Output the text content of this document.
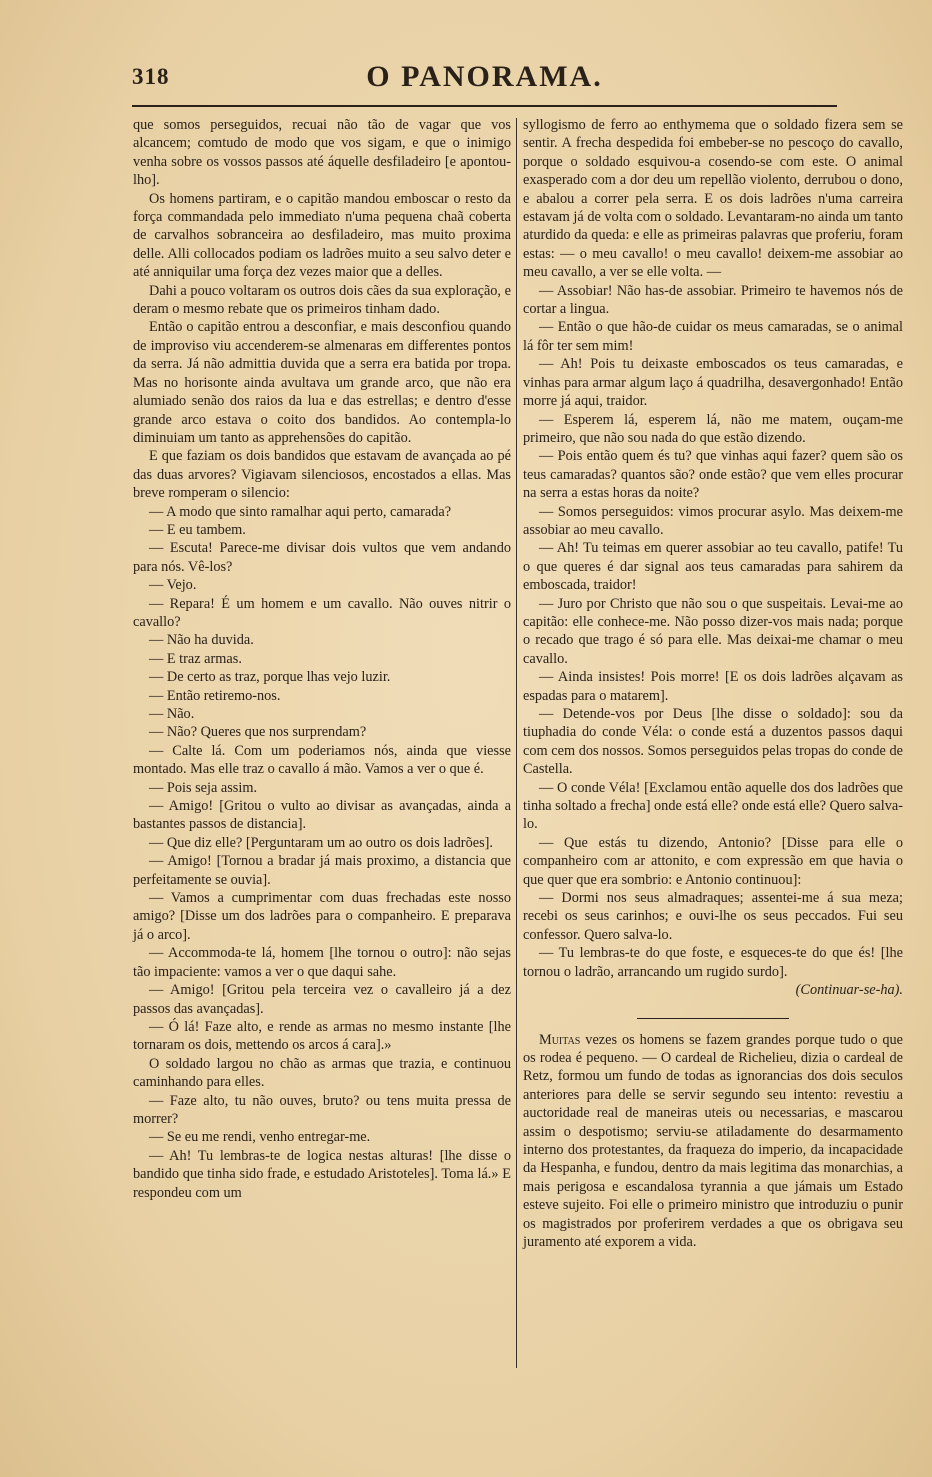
318	O PANORAMA.

que somos perseguidos, recuai não tão de vagar que vos alcancem; comtudo de modo que vos sigam, e que o inimigo venha sobre os vossos passos até áquelle desfiladeiro [e apontou-lho].

Os homens partiram, e o capitão mandou emboscar o resto da força commandada pelo immediato n'uma pequena chaã coberta de carvalhos sobranceira ao desfiladeiro, mas muito proxima delle. Alli collocados podiam os ladrões muito a seu salvo deter e até anniquilar uma força dez vezes maior que a delles.

Dahi a pouco voltaram os outros dois cães da sua exploração, e deram o mesmo rebate que os primeiros tinham dado.

Então o capitão entrou a desconfiar, e mais desconfiou quando de improviso viu accenderem-se almenaras em differentes pontos da serra. Já não admittia duvida que a serra era batida por tropa. Mas no horisonte ainda avultava um grande arco, que não era alumiado senão dos raios da lua e das estrellas; e dentro d'esse grande arco estava o coito dos bandidos. Ao contempla-lo diminuiam um tanto as apprehensões do capitão.

E que faziam os dois bandidos que estavam de avançada ao pé das duas arvores? Vigiavam silenciosos, encostados a ellas. Mas breve romperam o silencio:

— A modo que sinto ramalhar aqui perto, camarada?

— E eu tambem.

— Escuta! Parece-me divisar dois vultos que vem andando para nós. Vê-los?

— Vejo.

— Repara! É um homem e um cavallo. Não ouves nitrir o cavallo?

— Não ha duvida.

— E traz armas.

— De certo as traz, porque lhas vejo luzir.

— Então retiremo-nos.

— Não.

— Não? Queres que nos surprendam?

— Calte lá. Com um poderiamos nós, ainda que viesse montado. Mas elle traz o cavallo á mão. Vamos a ver o que é.

— Pois seja assim.

— Amigo! [Gritou o vulto ao divisar as avançadas, ainda a bastantes passos de distancia].

— Que diz elle? [Perguntaram um ao outro os dois ladrões].

— Amigo! [Tornou a bradar já mais proximo, a distancia que perfeitamente se ouvia].

— Vamos a cumprimentar com duas frechadas este nosso amigo? [Disse um dos ladrões para o companheiro. E preparava já o arco].

— Accommoda-te lá, homem [lhe tornou o outro]: não sejas tão impaciente: vamos a ver o que daqui sahe.

— Amigo! [Gritou pela terceira vez o cavalleiro já a dez passos das avançadas].

— Ó lá! Faze alto, e rende as armas no mesmo instante [lhe tornaram os dois, mettendo os arcos á cara].»

O soldado largou no chão as armas que trazia, e continuou caminhando para elles.

— Faze alto, tu não ouves, bruto? ou tens muita pressa de morrer?

— Se eu me rendi, venho entregar-me.

— Ah! Tu lembras-te de logica nestas alturas! [lhe disse o bandido que tinha sido frade, e estudado Aristoteles]. Toma lá.» E respondeu com um

syllogismo de ferro ao enthymema que o soldado fizera sem se sentir. A frecha despedida foi embeber-se no pescoço do cavallo, porque o soldado esquivou-a cosendo-se com este. O animal exasperado com a dor deu um repellão violento, derrubou o dono, e abalou a correr pela serra. E os dois ladrões n'uma carreira estavam já de volta com o soldado. Levantaram-no ainda um tanto aturdido da queda: e elle as primeiras palavras que proferiu, foram estas: — o meu cavallo! o meu cavallo! deixem-me assobiar ao meu cavallo, a ver se elle volta. —

— Assobiar! Não has-de assobiar. Primeiro te havemos nós de cortar a lingua.

— Então o que hão-de cuidar os meus camaradas, se o animal lá fôr ter sem mim!

— Ah! Pois tu deixaste emboscados os teus camaradas, e vinhas para armar algum laço á quadrilha, desavergonhado! Então morre já aqui, traidor.

— Esperem lá, esperem lá, não me matem, ouçam-me primeiro, que não sou nada do que estão dizendo.

— Pois então quem és tu? que vinhas aqui fazer? quem são os teus camaradas? quantos são? onde estão? que vem elles procurar na serra a estas horas da noite?

— Somos perseguidos: vimos procurar asylo. Mas deixem-me assobiar ao meu cavallo.

— Ah! Tu teimas em querer assobiar ao teu cavallo, patife! Tu o que queres é dar signal aos teus camaradas para sahirem da emboscada, traidor!

— Juro por Christo que não sou o que suspeitais. Levai-me ao capitão: elle conhece-me. Não posso dizer-vos mais nada; porque o recado que trago é só para elle. Mas deixai-me chamar o meu cavallo.

— Ainda insistes! Pois morre! [E os dois ladrões alçavam as espadas para o matarem].

— Detende-vos por Deus [lhe disse o soldado]: sou da tiuphadia do conde Véla: o conde está a duzentos passos daqui com cem dos nossos. Somos perseguidos pelas tropas do conde de Castella.

— O conde Véla! [Exclamou então aquelle dos dos ladrões que tinha soltado a frecha] onde está elle? onde está elle? Quero salva-lo.

— Que estás tu dizendo, Antonio? [Disse para elle o companheiro com ar attonito, e com expressão em que havia o que quer que era sombrio: e Antonio continuou]:

— Dormi nos seus almadraques; assentei-me á sua meza; recebi os seus carinhos; e ouvi-lhe os seus peccados. Fui seu confessor. Quero salva-lo.

— Tu lembras-te do que foste, e esqueces-te do que és! [lhe tornou o ladrão, arrancando um rugido surdo].

(Continuar-se-ha).

Muitas vezes os homens se fazem grandes porque tudo o que os rodea é pequeno. — O cardeal de Richelieu, dizia o cardeal de Retz, formou um fundo de todas as ignorancias dos dois seculos anteriores para delle se servir segundo seu intento: revestiu a auctoridade real de maneiras uteis ou necessarias, e mascarou assim o despotismo; serviu-se atiladamente do desarmamento interno dos protestantes, da fraqueza do imperio, da incapacidade da Hespanha, e fundou, dentro da mais legitima das monarchias, a mais perigosa e escandalosa tyrannia a que jámais um Estado esteve sujeito. Foi elle o primeiro ministro que introduziu o punir os magistrados por proferirem verdades a que os obrigava seu juramento até exporem a vida.
